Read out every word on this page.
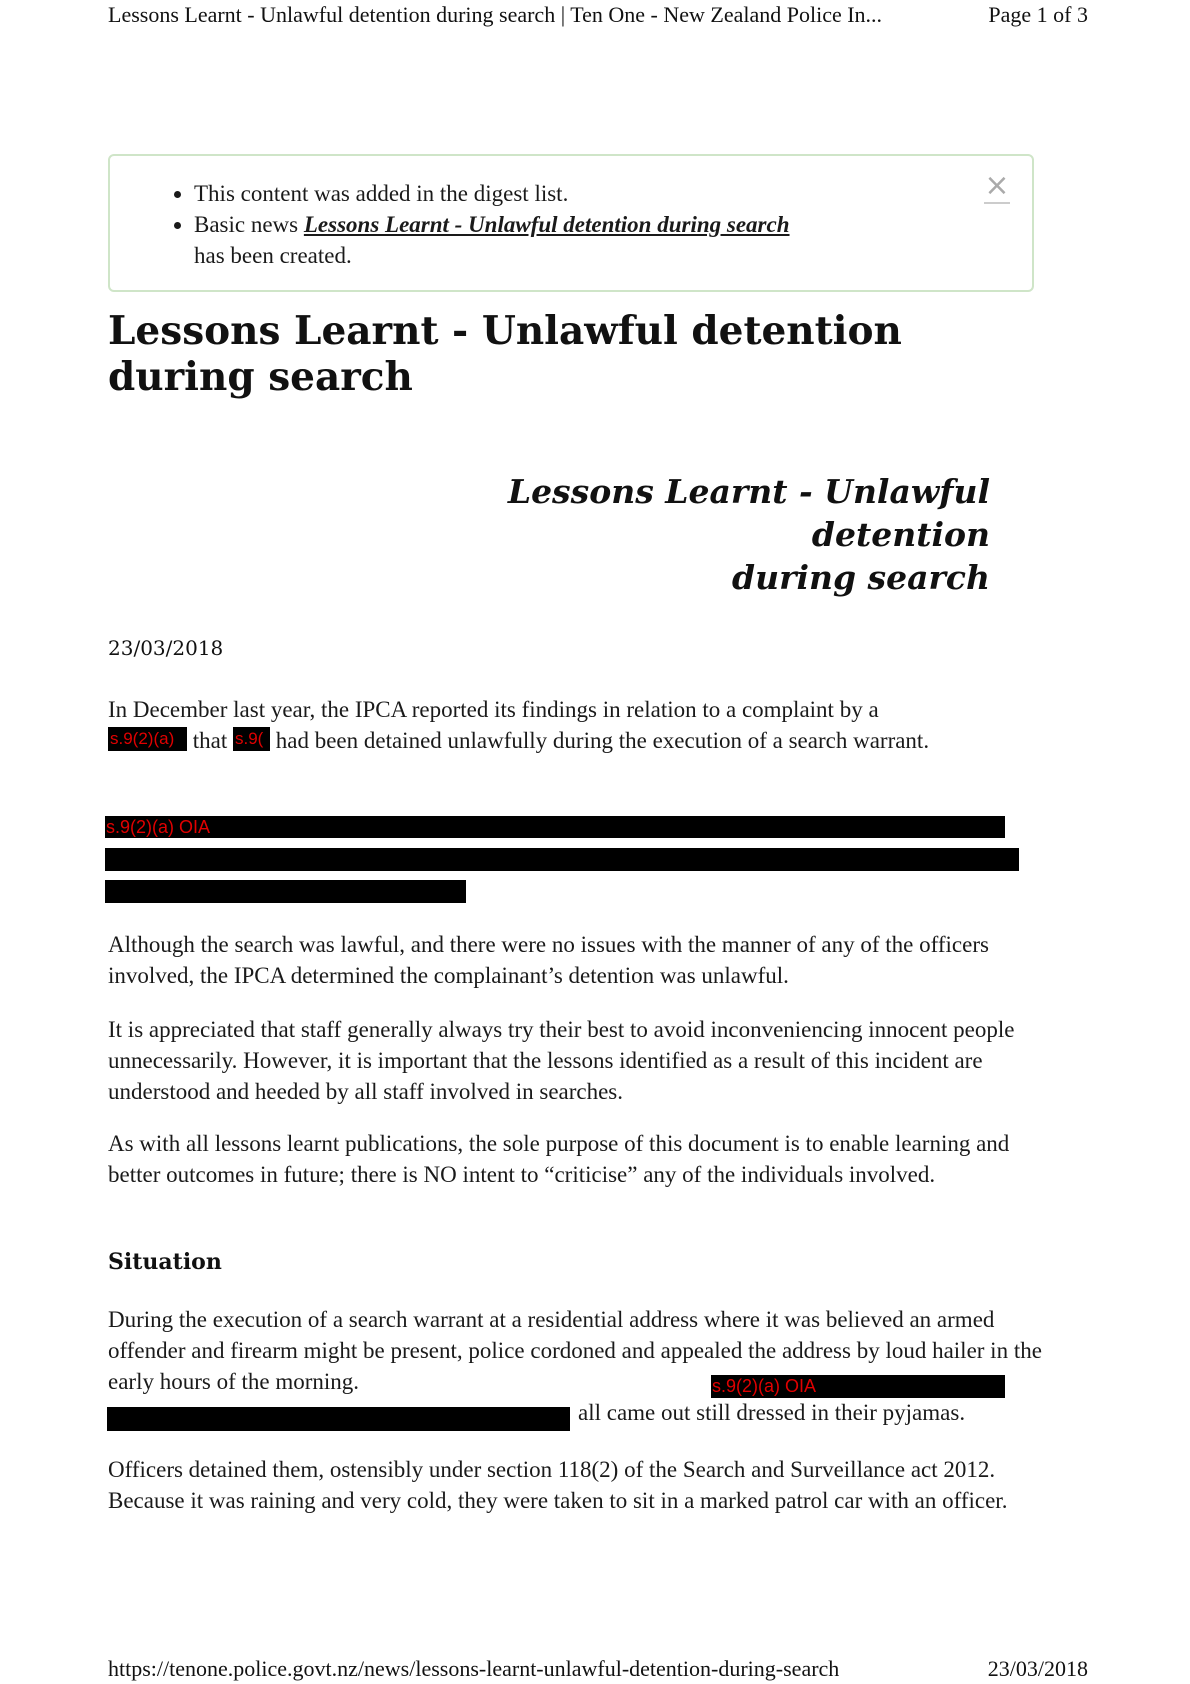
Lessons Learnt - Unlawful detention during search | Ten One - New Zealand Police In...	Page 1 of 3
• This content was added in the digest list.
• Basic news Lessons Learnt - Unlawful detention during search
has been created.
×
Lessons Learnt - Unlawful detention during search
Lessons Learnt - Unlawful detention
during search
23/03/2018

In December last year, the IPCA reported its findings in relation to a complaint by a
s.9(2)(a) that s.9( had been detained unlawfully during the execution of a search warrant.

s.9(2)(a) OIA

Although the search was lawful, and there were no issues with the manner of any of the officers involved, the IPCA determined the complainant’s detention was unlawful.

It is appreciated that staff generally always try their best to avoid inconveniencing innocent people unnecessarily. However, it is important that the lessons identified as a result of this incident are understood and heeded by all staff involved in searches.

As with all lessons learnt publications, the sole purpose of this document is to enable learning and better outcomes in future; there is NO intent to “criticise” any of the individuals involved.

Situation

During the execution of a search warrant at a residential address where it was believed an armed offender and firearm might be present, police cordoned and appealed the address by loud hailer in the early hours of the morning.	s.9(2)(a) OIA

all came out still dressed in their pyjamas.

Officers detained them, ostensibly under section 118(2) of the Search and Surveillance act 2012. Because it was raining and very cold, they were taken to sit in a marked patrol car with an officer.

https://tenone.police.govt.nz/news/lessons-learnt-unlawful-detention-during-search	23/03/2018
